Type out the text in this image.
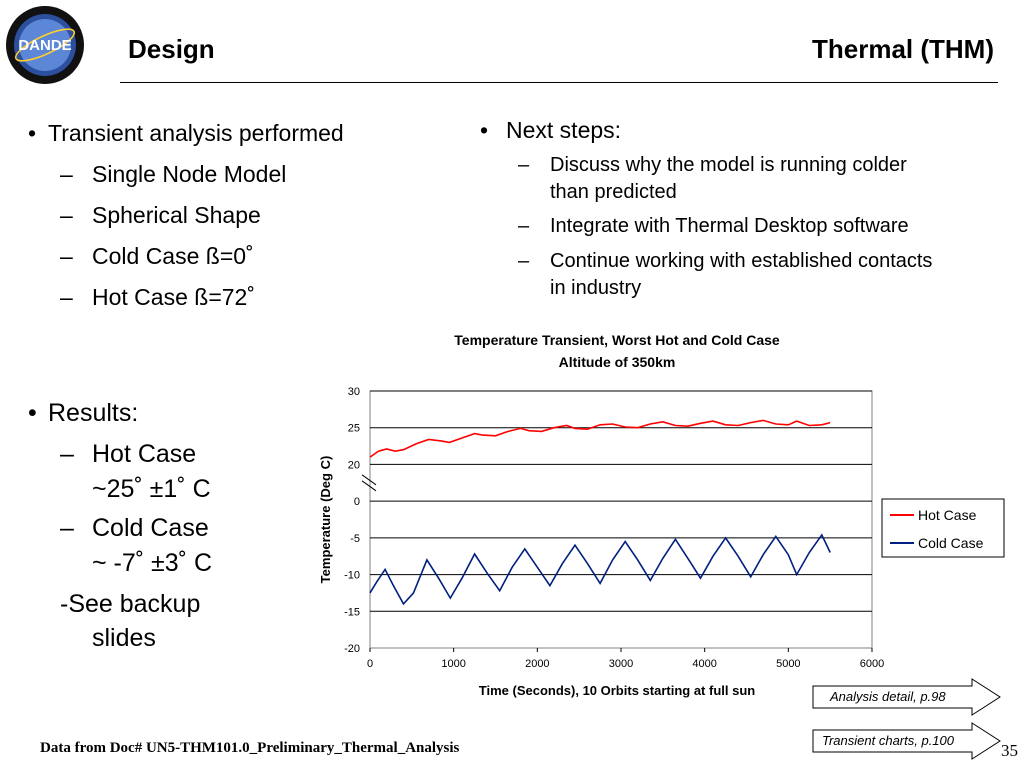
DANDE Design	Thermal (THM)
• Transient analysis performed
– Single Node Model
– Spherical Shape
– Cold Case ß=0˚
– Hot Case ß=72˚
• Results:
– Hot Case
~25˚ ±1˚ C
– Cold Case
~ -7˚ ±3˚ C
-See backup
slides
• Next steps:
– Discuss why the model is running colder
than predicted
– Integrate with Thermal Desktop software
– Continue working with established contacts
in industry
Temperature Transient, Worst Hot and Cold Case
Altitude of 350km
-20
-15
-10
-5
0
20
25
30
0	1000	2000	3000	4000	5000	6000
Time (Seconds), 10 Orbits starting at full sun
Temperature (Deg C)	Hot Case
Cold Case
Analysis detail, p.98
Transient charts, p.100
Data from Doc# UN5-THM101.0_Preliminary_Thermal_Analysis	35
